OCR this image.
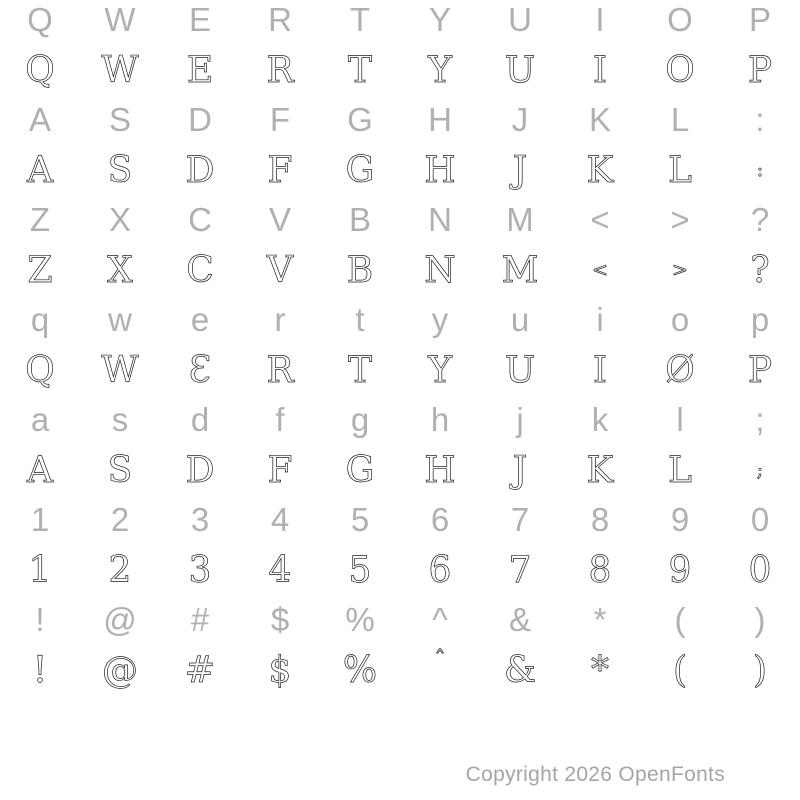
Q	W	E	R	T	Y	U	I	O	P
Q	W	E	R	T	Y	U	I	O	P
A	S	D	F	G	H	J	K	L	:
A	S	D	F	G	H	J	K	L	:
Z	X	C	V	B	N	M	<	>	?
Z	X	C	V	B	N	M	<	>	?
q	w	e	r	t	y	u	i	o	p
Q	W	Ɛ	R	T	Y	U	I	Ø	P
a	s	d	f	g	h	j	k	l	;
A	S	D	F	G	H	J	K	L	;
1	2	3	4	5	6	7	8	9	0
1	2	3	4	5	6	7	8	9	0
!	@	#	$	%	^	&	*	(	)
!	@	#	$	%	ˆ	&	*	(	)
Copyright 2026 OpenFonts
